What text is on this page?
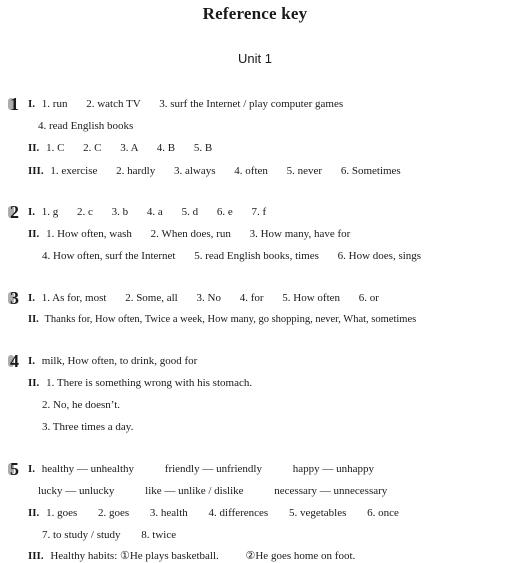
Reference key
Unit 1
1 I. 1. run 2. watch TV 3. surf the Internet / play computer games
4. read English books
II. 1. C 2. C 3. A 4. B 5. B
III. 1. exercise 2. hardly 3. always 4. often 5. never 6. Sometimes
2 I. 1. g 2. c 3. b 4. a 5. d 6. e 7. f
II. 1. How often, wash 2. When does, run 3. How many, have for
4. How often, surf the Internet 5. read English books, times 6. How does, sings
3 I. 1. As for, most 2. Some, all 3. No 4. for 5. How often 6. or
II. Thanks for, How often, Twice a week, How many, go shopping, never, What, sometimes
4 I. milk, How often, to drink, good for
II. 1. There is something wrong with his stomach.
2. No, he doesn’t.
3. Three times a day.
5 I. healthy — unhealthy	friendly — unfriendly	happy — unhappy
lucky — unlucky	like — unlike / dislike	necessary — unnecessary
II. 1. goes 2. goes 3. health 4. differences 5. vegetables 6. once
7. to study / study 8. twice
III. Healthy habits: ①He plays basketball. ②He goes home on foot.
